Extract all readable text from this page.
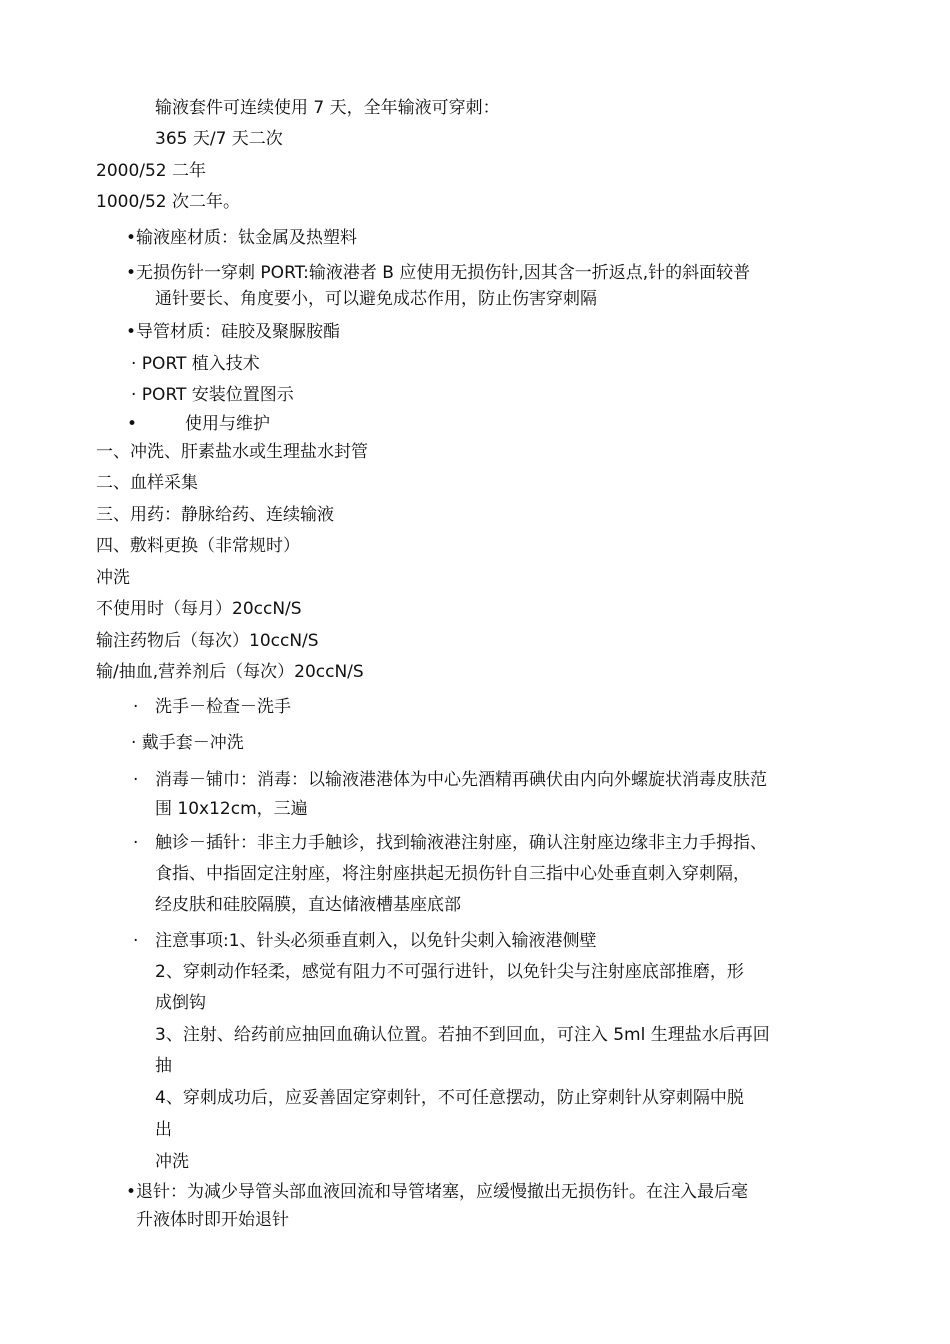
输液套件可连续使用 7 天，全年输液可穿刺：
365 天/7 天二次
2000/52 二年
1000/52 次二年。
•输液座材质：钛金属及热塑料
•无损伤针一穿刺 PORT:输液港者 B 应使用无损伤针,因其含一折返点,针的斜面较普
通针要长、角度要小，可以避免成芯作用，防止伤害穿刺隔
•导管材质：硅胶及聚脲胺酯
· PORT 植入技术
· PORT 安装位置图示
•	使用与维护
一、冲洗、肝素盐水或生理盐水封管
二、血样采集
三、用药：静脉给药、连续输液
四、敷料更换（非常规时）
冲洗
不使用时（每月）20ccN/S
输注药物后（每次）10ccN/S
输/抽血,营养剂后（每次）20ccN/S
· 洗手－检查－洗手
· 戴手套－冲洗
· 消毒－铺巾：消毒：以输液港港体为中心先酒精再碘伏由内向外螺旋状消毒皮肤范
围 10x12cm，三遍
· 触诊－插针：非主力手触诊，找到输液港注射座，确认注射座边缘非主力手拇指、
食指、中指固定注射座，将注射座拱起无损伤针自三指中心处垂直刺入穿刺隔，
经皮肤和硅胶隔膜，直达储液槽基座底部
· 注意事项:1、针头必须垂直刺入，以免针尖刺入输液港侧壁
2、穿刺动作轻柔，感觉有阻力不可强行进针，以免针尖与注射座底部推磨，形
成倒钩
3、注射、给药前应抽回血确认位置。若抽不到回血，可注入 5ml 生理盐水后再回
抽
4、穿刺成功后，应妥善固定穿刺针，不可任意摆动，防止穿刺针从穿刺隔中脱
出
冲洗
•退针：为减少导管头部血液回流和导管堵塞，应缓慢撤出无损伤针。在注入最后毫
升液体时即开始退针
